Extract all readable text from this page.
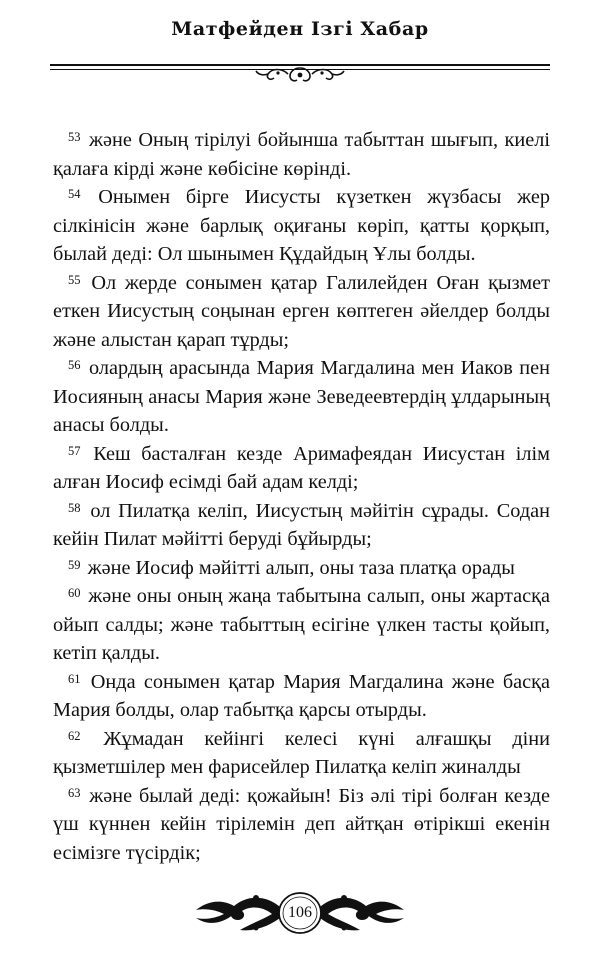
Матфейден Ізгі Хабар

$^{53}$ және Оның тірілуі бойынша табыттан шығып, киелі қалаға кірді және көбісіне көрінді.

$^{54}$ Онымен бірге Иисусты күзеткен жүзбасы жер сілкінісін және барлық оқиғаны көріп, қатты қорқып, былай деді: Ол шынымен Құдайдың Ұлы болды.

$^{55}$ Ол жерде сонымен қатар Галилейден Оған қызмет еткен Иисустың соңынан ерген көптеген әйелдер болды және алыстан қарап тұрды;

$^{56}$ олардың арасында Мария Магдалина мен Иаков пен Иосияның анасы Мария және Зеведеевтердің ұлдарының анасы болды.

$^{57}$ Кеш басталған кезде Аримафеядан Иисустан ілім алған Иосиф есімді бай адам келді;

$^{58}$ ол Пилатқа келіп, Иисустың мәйітін сұрады. Содан кейін Пилат мәйітті беруді бұйырды;

$^{59}$ және Иосиф мәйітті алып, оны таза платқа орады

$^{60}$ және оны оның жаңа табытына салып, оны жартасқа ойып салды; және табыттың есігіне үлкен тасты қойып, кетіп қалды.

$^{61}$ Онда сонымен қатар Мария Магдалина және басқа Мария болды, олар табытқа қарсы отырды.

$^{62}$ Жұмадан кейінгі келесі күні алғашқы діни қызметшілер мен фарисейлер Пилатқа келіп жиналды

$^{63}$ және былай деді: қожайын! Біз әлі тірі болған кезде үш күннен кейін тірілемін деп айтқан өтірікші екенін есімізге түсірдік;

106
